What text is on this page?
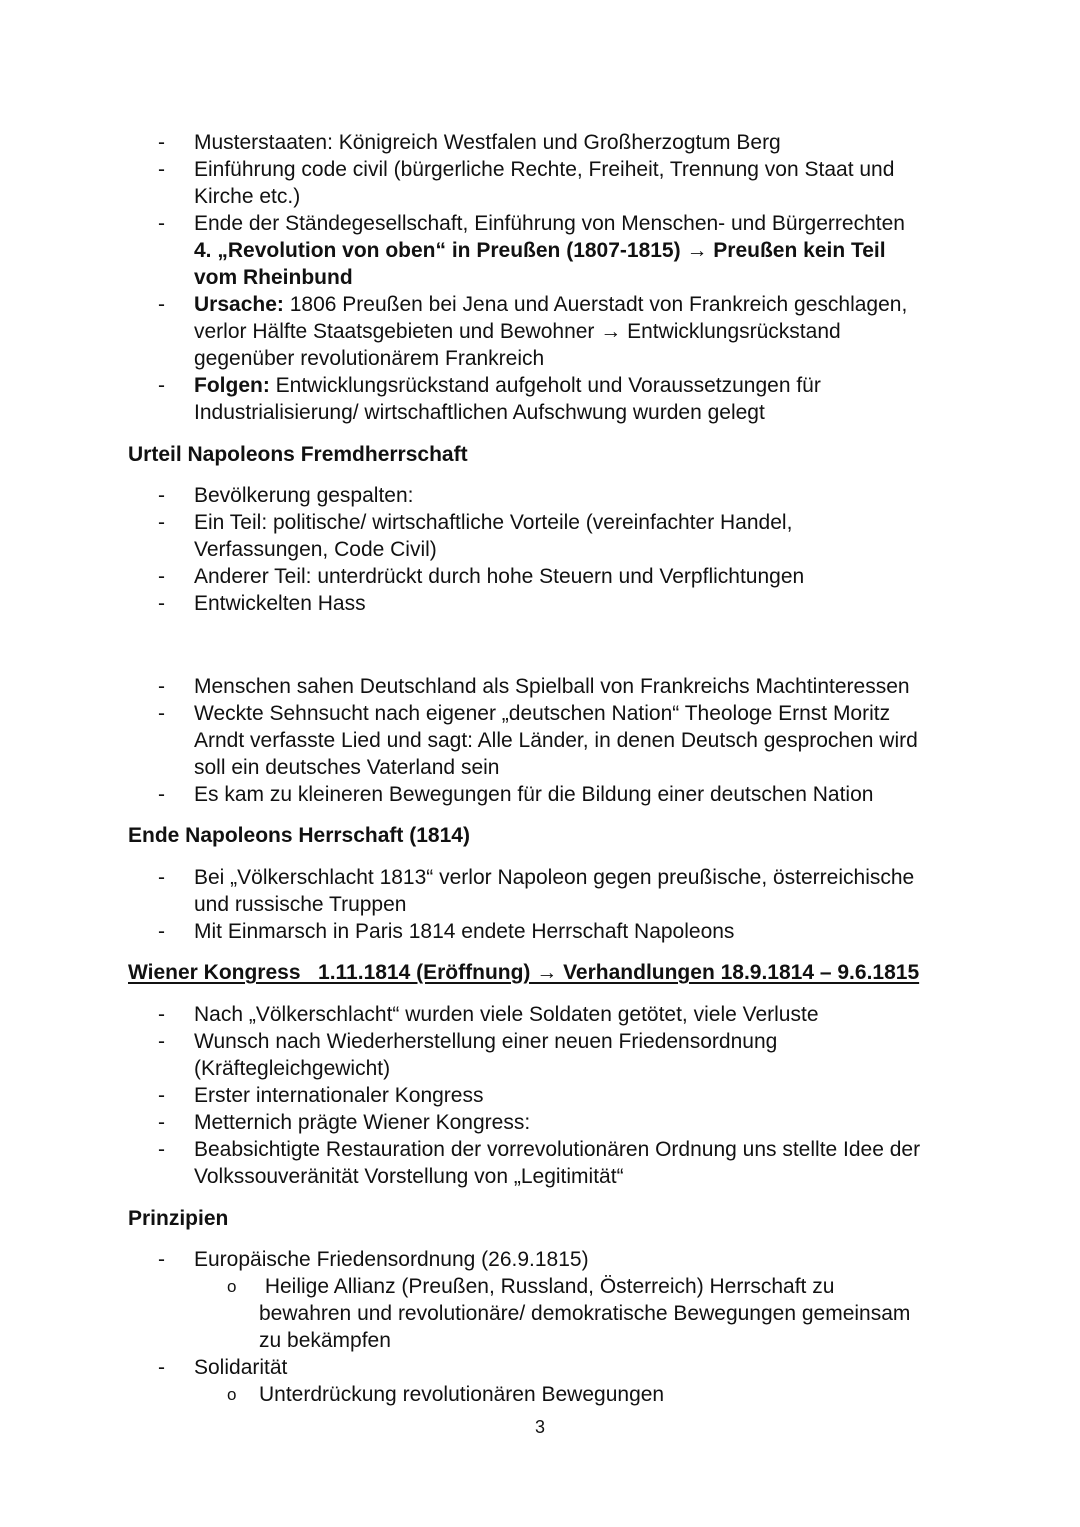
-	Musterstaaten: Königreich Westfalen und Großherzogtum Berg
-	Einführung code civil (bürgerliche Rechte, Freiheit, Trennung von Staat und
Kirche etc.)
-	Ende der Ständegesellschaft, Einführung von Menschen- und Bürgerrechten
4. „Revolution von oben“ in Preußen (1807-1815) → Preußen kein Teil
vom Rheinbund
-	Ursache: 1806 Preußen bei Jena und Auerstadt von Frankreich geschlagen,
verlor Hälfte Staatsgebieten und Bewohner → Entwicklungsrückstand
gegenüber revolutionärem Frankreich
-	Folgen: Entwicklungsrückstand aufgeholt und Voraussetzungen für
Industrialisierung/ wirtschaftlichen Aufschwung wurden gelegt
Urteil Napoleons Fremdherrschaft
-	Bevölkerung gespalten:
-	Ein Teil: politische/ wirtschaftliche Vorteile (vereinfachter Handel,
Verfassungen, Code Civil)
-	Anderer Teil: unterdrückt durch hohe Steuern und Verpflichtungen
-	Entwickelten Hass
-	Menschen sahen Deutschland als Spielball von Frankreichs Machtinteressen
-	Weckte Sehnsucht nach eigener „deutschen Nation“ Theologe Ernst Moritz
Arndt verfasste Lied und sagt: Alle Länder, in denen Deutsch gesprochen wird
soll ein deutsches Vaterland sein
-	Es kam zu kleineren Bewegungen für die Bildung einer deutschen Nation
Ende Napoleons Herrschaft (1814)
-	Bei „Völkerschlacht 1813“ verlor Napoleon gegen preußische, österreichische
und russische Truppen
-	Mit Einmarsch in Paris 1814 endete Herrschaft Napoleons
Wiener Kongress   1.11.1814 (Eröffnung) → Verhandlungen 18.9.1814 – 9.6.1815
-	Nach „Völkerschlacht“ wurden viele Soldaten getötet, viele Verluste
-	Wunsch nach Wiederherstellung einer neuen Friedensordnung
(Kräftegleichgewicht)
-	Erster internationaler Kongress
-	Metternich prägte Wiener Kongress:
-	Beabsichtigte Restauration der vorrevolutionären Ordnung uns stellte Idee der
Volkssouveränität Vorstellung von „Legitimität“
Prinzipien
-	Europäische Friedensordnung (26.9.1815)
o Heilige Allianz (Preußen, Russland, Österreich) Herrschaft zu
bewahren und revolutionäre/ demokratische Bewegungen gemeinsam
zu bekämpfen
-	Solidarität
o Unterdrückung revolutionären Bewegungen
3
